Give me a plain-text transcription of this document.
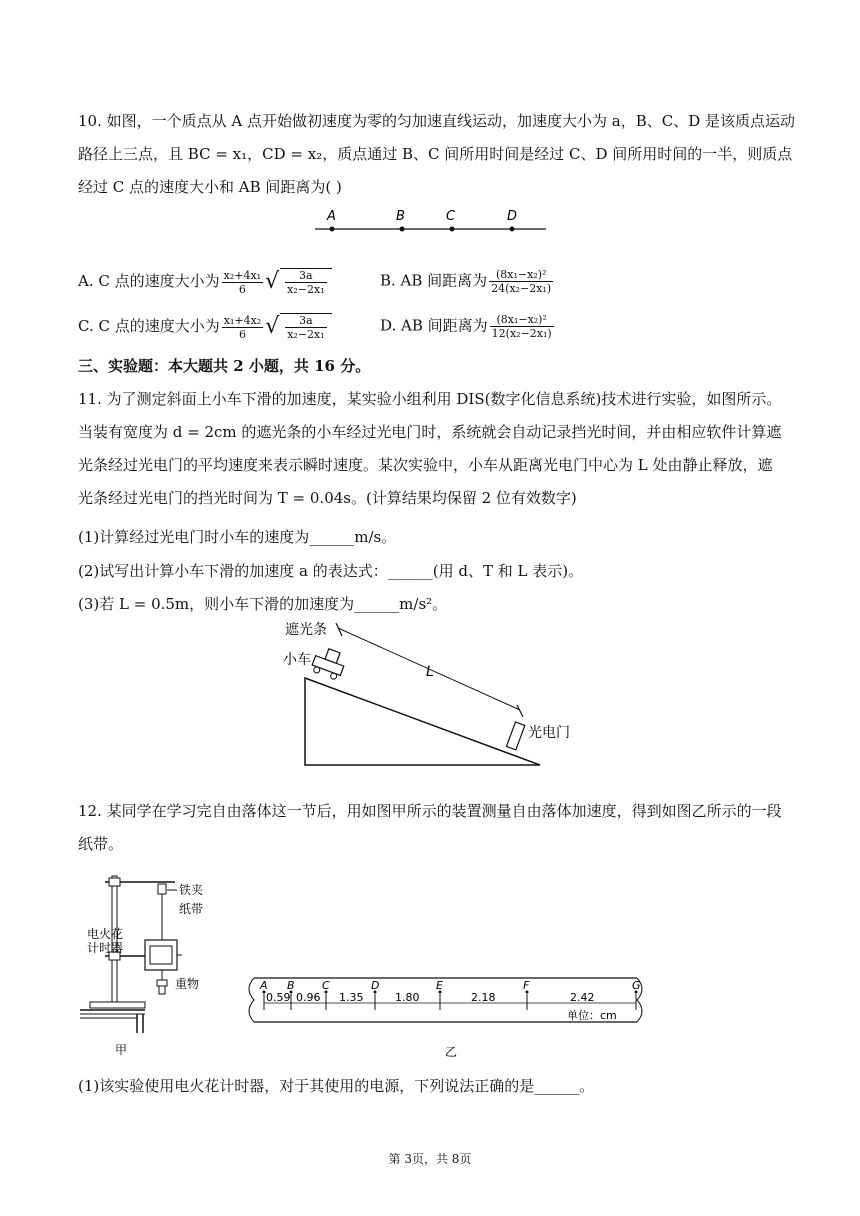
10. 如图，一个质点从 A 点开始做初速度为零的匀加速直线运动，加速度大小为 a，B、C、D 是该质点运动
路径上三点，且 BC = x₁，CD = x₂，质点通过 B、C 间所用时间是经过 C、D 间所用时间的一半，则质点
经过 C 点的速度大小和 AB 间距离为( )
A	B	C	D
A. C 点的速度大小为 $\frac{\text{x₂+4x₁}}{6}$ √ $\frac{3a}{\text{x₂−2x₁}}$	B. AB 间距离为 $\frac{\text{(8x₁−x₂)²}}{\text{24(x₂−2x₁)}}$
C. C 点的速度大小为 $\frac{\text{x₁+4x₂}}{6}$ √ $\frac{3a}{\text{x₂−2x₁}}$	D. AB 间距离为 $\frac{\text{(8x₁−x₂)²}}{\text{12(x₂−2x₁)}}$
三、实验题：本大题共 2 小题，共 16 分。
11. 为了测定斜面上小车下滑的加速度，某实验小组利用 DIS(数字化信息系统)技术进行实验，如图所示。
当装有宽度为 d = 2cm 的遮光条的小车经过光电门时，系统就会自动记录挡光时间，并由相应软件计算遮
光条经过光电门的平均速度来表示瞬时速度。某次实验中，小车从距离光电门中心为 L 处由静止释放，遮
光条经过光电门的挡光时间为 T = 0.04s。(计算结果均保留 2 位有效数字)
(1)计算经过光电门时小车的速度为______m/s。
(2)试写出计算小车下滑的加速度 a 的表达式：______(用 d、T 和 L 表示)。
(3)若 L = 0.5m，则小车下滑的加速度为______m/s²。
遮光条
小车
L
光电门
12. 某同学在学习完自由落体这一节后，用如图甲所示的装置测量自由落体加速度，得到如图乙所示的一段
纸带。
铁夹
纸带
电火花
计时器
重物
甲
A B C	D	E	F	G
0.59 0.96 1.35	1.80	2.18	2.42
单位：cm
乙
(1)该实验使用电火花计时器，对于其使用的电源，下列说法正确的是______。
第 3页，共 8页
